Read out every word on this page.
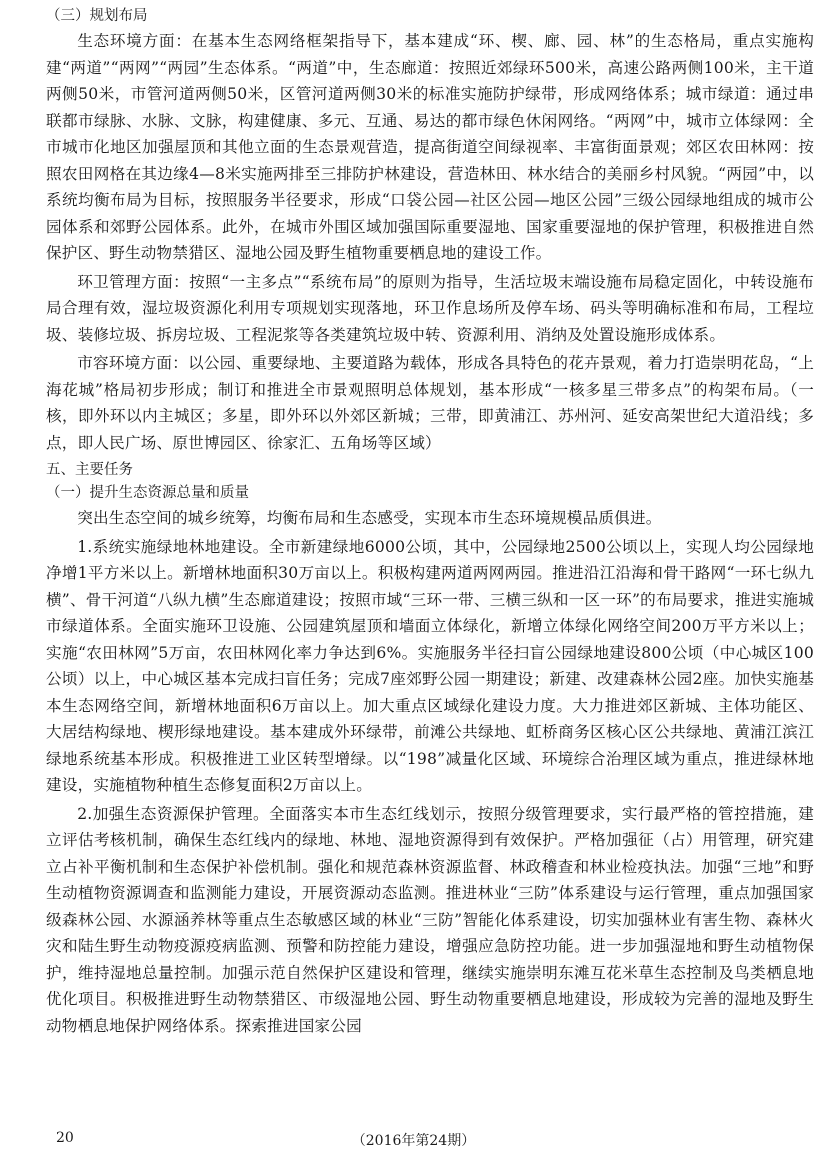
（三）规划布局

生态环境方面：在基本生态网络框架指导下，基本建成“环、楔、廊、园、林”的生态格局，重点实施构建“两道”“两网”“两园”生态体系。“两道”中，生态廊道：按照近郊绿环500米，高速公路两侧100米，主干道两侧50米，市管河道两侧50米，区管河道两侧30米的标准实施防护绿带，形成网络体系；城市绿道：通过串联都市绿脉、水脉、文脉，构建健康、多元、互通、易达的都市绿色休闲网络。“两网”中，城市立体绿网：全市城市化地区加强屋顶和其他立面的生态景观营造，提高街道空间绿视率、丰富街面景观；郊区农田林网：按照农田网格在其边缘4—8米实施两排至三排防护林建设，营造林田、林水结合的美丽乡村风貌。“两园”中，以系统均衡布局为目标，按照服务半径要求，形成“口袋公园—社区公园—地区公园”三级公园绿地组成的城市公园体系和郊野公园体系。此外，在城市外围区域加强国际重要湿地、国家重要湿地的保护管理，积极推进自然保护区、野生动物禁猎区、湿地公园及野生植物重要栖息地的建设工作。

环卫管理方面：按照“一主多点”“系统布局”的原则为指导，生活垃圾末端设施布局稳定固化，中转设施布局合理有效，湿垃圾资源化利用专项规划实现落地，环卫作息场所及停车场、码头等明确标准和布局，工程垃圾、装修垃圾、拆房垃圾、工程泥浆等各类建筑垃圾中转、资源利用、消纳及处置设施形成体系。

市容环境方面：以公园、重要绿地、主要道路为载体，形成各具特色的花卉景观，着力打造崇明花岛，“上海花城”格局初步形成；制订和推进全市景观照明总体规划，基本形成“一核多星三带多点”的构架布局。（一核，即外环以内主城区；多星，即外环以外郊区新城；三带，即黄浦江、苏州河、延安高架世纪大道沿线；多点，即人民广场、原世博园区、徐家汇、五角场等区域）

五、主要任务
（一）提升生态资源总量和质量

突出生态空间的城乡统筹，均衡布局和生态感受，实现本市生态环境规模品质俱进。

1.系统实施绿地林地建设。全市新建绿地6000公顷，其中，公园绿地2500公顷以上，实现人均公园绿地净增1平方米以上。新增林地面积30万亩以上。积极构建两道两网两园。推进沿江沿海和骨干路网“一环七纵九横”、骨干河道“八纵九横”生态廊道建设；按照市域“三环一带、三横三纵和一区一环”的布局要求，推进实施城市绿道体系。全面实施环卫设施、公园建筑屋顶和墙面立体绿化，新增立体绿化网络空间200万平方米以上；实施“农田林网”5万亩，农田林网化率力争达到6%。实施服务半径扫盲公园绿地建设800公顷（中心城区100公顷）以上，中心城区基本完成扫盲任务；完成7座郊野公园一期建设；新建、改建森林公园2座。加快实施基本生态网络空间，新增林地面积6万亩以上。加大重点区域绿化建设力度。大力推进郊区新城、主体功能区、大居结构绿地、楔形绿地建设。基本建成外环绿带，前滩公共绿地、虹桥商务区核心区公共绿地、黄浦江滨江绿地系统基本形成。积极推进工业区转型增绿。以“198”减量化区域、环境综合治理区域为重点，推进绿林地建设，实施植物种植生态修复面积2万亩以上。

2.加强生态资源保护管理。全面落实本市生态红线划示，按照分级管理要求，实行最严格的管控措施，建立评估考核机制，确保生态红线内的绿地、林地、湿地资源得到有效保护。严格加强征（占）用管理，研究建立占补平衡机制和生态保护补偿机制。强化和规范森林资源监督、林政稽查和林业检疫执法。加强“三地”和野生动植物资源调查和监测能力建设，开展资源动态监测。推进林业“三防”体系建设与运行管理，重点加强国家级森林公园、水源涵养林等重点生态敏感区域的林业“三防”智能化体系建设，切实加强林业有害生物、森林火灾和陆生野生动物疫源疫病监测、预警和防控能力建设，增强应急防控功能。进一步加强湿地和野生动植物保护，维持湿地总量控制。加强示范自然保护区建设和管理，继续实施崇明东滩互花米草生态控制及鸟类栖息地优化项目。积极推进野生动物禁猎区、市级湿地公园、野生动物重要栖息地建设，形成较为完善的湿地及野生动物栖息地保护网络体系。探索推进国家公园

20	（2016年第24期）
